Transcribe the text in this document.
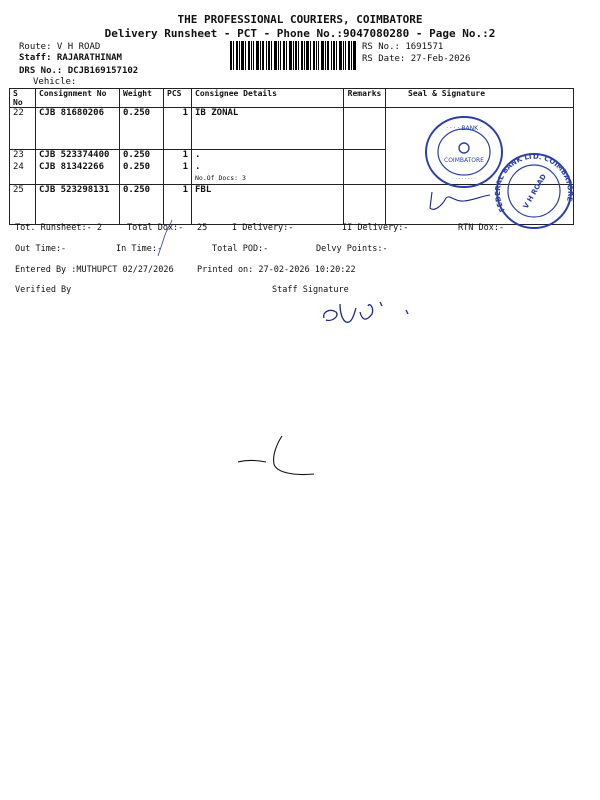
THE PROFESSIONAL COURIERS, COIMBATORE
Delivery Runsheet - PCT - Phone No.:9047080280 - Page No.:2
Route: V H ROAD
Staff: RAJARATHINAM
DRS No.: DCJB169157102
Vehicle:
RS No.: 1691571
RS Date: 27-Feb-2026
S No	Consignment No	Weight	PCS	Consignee Details	Remarks	Seal & Signature
22	CJB 81680206	0.250	1	IB ZONAL		
23	CJB 523374400	0.250	1	.		
24	CJB 81342266	0.250	1	.
No.Of Docs: 3		

25	CJB 523298131	0.250	1	FBL		
· · · · BANK ·
COIMBATORE
· · · · · · · ·
FEDERAL BANK LTD. COIMBATORE
V H ROAD
Tot. Runsheet:- 2	Total Dox:- 25	I Delivery:-	II Delivery:-	RTN Dox:-
Out Time:-	In Time:-	Total POD:-	Delvy Points:-
Entered By :MUTHUPCT 02/27/2026	Printed on: 27-02-2026 10:20:22
Verified By	Staff Signature
